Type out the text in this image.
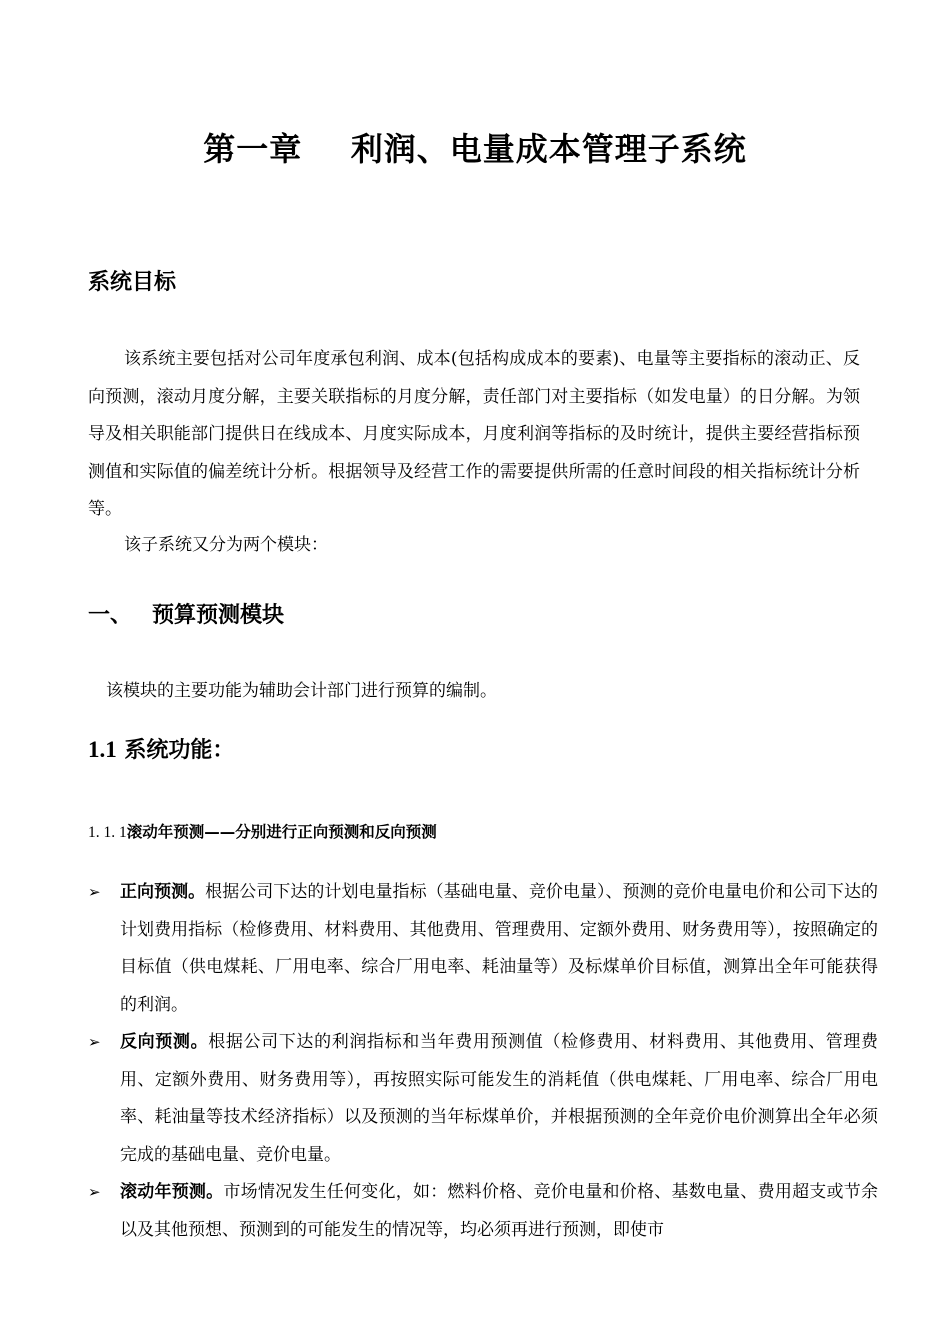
第一章    利润、电量成本管理子系统
系统目标

该系统主要包括对公司年度承包利润、成本(包括构成成本的要素)、电量等主要指标的滚动正、反向预测，滚动月度分解，主要关联指标的月度分解，责任部门对主要指标（如发电量）的日分解。为领导及相关职能部门提供日在线成本、月度实际成本，月度利润等指标的及时统计，提供主要经营指标预测值和实际值的偏差统计分析。根据领导及经营工作的需要提供所需的任意时间段的相关指标统计分析等。

该子系统又分为两个模块：

一、 预算预测模块

该模块的主要功能为辅助会计部门进行预算的编制。

1.1 系统功能：
1. 1. 1滚动年预测——分别进行正向预测和反向预测
➢	正向预测。根据公司下达的计划电量指标（基础电量、竞价电量）、预测的竞价电量电价和公司下达的计划费用指标（检修费用、材料费用、其他费用、管理费用、定额外费用、财务费用等），按照确定的目标值（供电煤耗、厂用电率、综合厂用电率、耗油量等）及标煤单价目标值，测算出全年可能获得的利润。
➢	反向预测。根据公司下达的利润指标和当年费用预测值（检修费用、材料费用、其他费用、管理费用、定额外费用、财务费用等），再按照实际可能发生的消耗值（供电煤耗、厂用电率、综合厂用电率、耗油量等技术经济指标）以及预测的当年标煤单价，并根据预测的全年竞价电价测算出全年必须完成的基础电量、竞价电量。
➢	滚动年预测。市场情况发生任何变化，如：燃料价格、竞价电量和价格、基数电量、费用超支或节余以及其他预想、预测到的可能发生的情况等，均必须再进行预测，即使市
